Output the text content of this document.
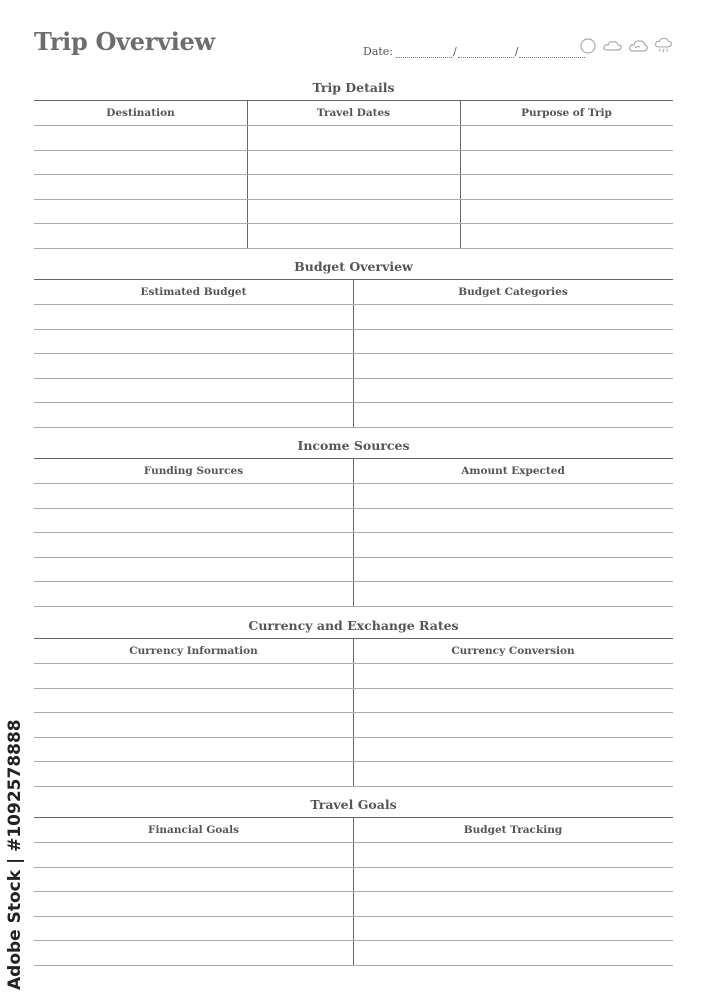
Trip Overview	Date:	/	/
Trip Details
Destination	Travel Dates	Purpose of Trip
Budget Overview
Estimated Budget	Budget Categories
Income Sources
Funding Sources	Amount Expected
Currency and Exchange Rates
Currency Information	Currency Conversion
Travel Goals
Financial Goals	Budget Tracking
Adobe Stock | #1092578888
